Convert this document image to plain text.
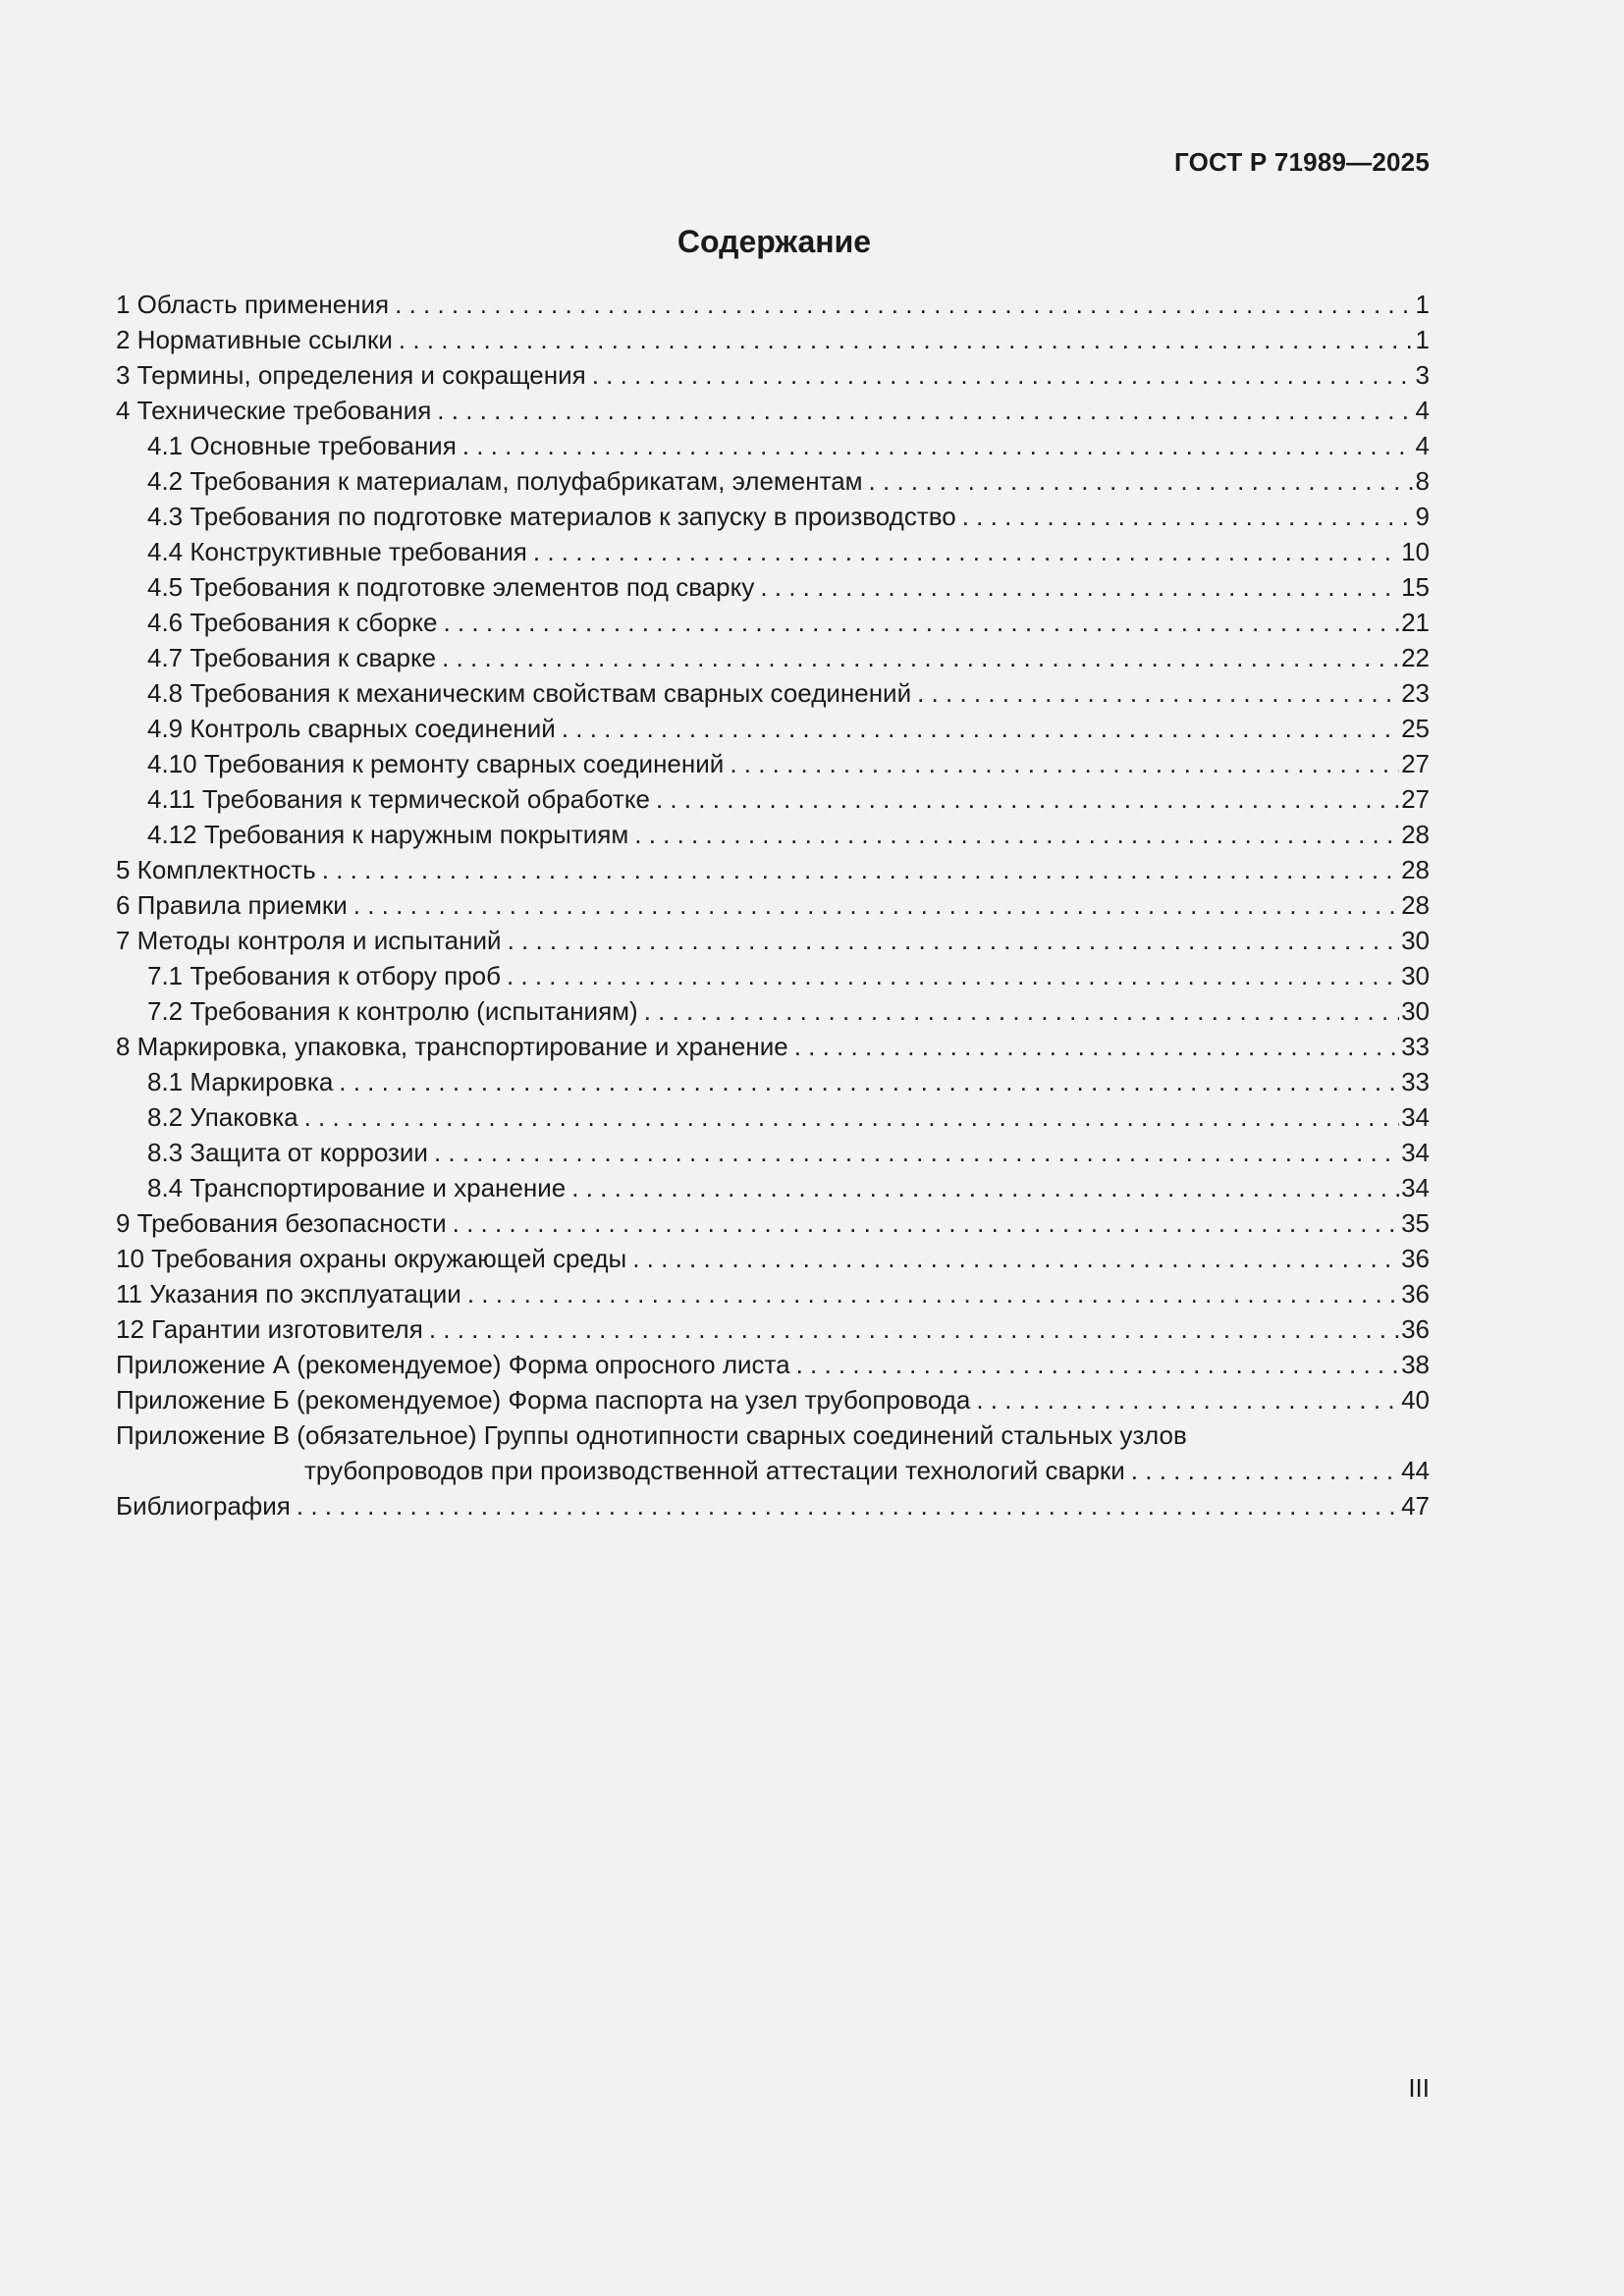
ГОСТ Р 71989—2025
Содержание
1 Область применения . . .	1
2 Нормативные ссылки . . .	1
3 Термины, определения и сокращения . . .	3
4 Технические требования . . .	4
4.1 Основные требования . . .	4
4.2 Требования к материалам, полуфабрикатам, элементам . . .	8
4.3 Требования по подготовке материалов к запуску в производство . . .	9
4.4 Конструктивные требования . . .	10
4.5 Требования к подготовке элементов под сварку . . .	15
4.6 Требования к сборке . . .	21
4.7 Требования к сварке . . .	22
4.8 Требования к механическим свойствам сварных соединений . . .	23
4.9 Контроль сварных соединений . . .	25
4.10 Требования к ремонту сварных соединений . . .	27
4.11 Требования к термической обработке . . .	27
4.12 Требования к наружным покрытиям . . .	28
5 Комплектность . . .	28
6 Правила приемки . . .	28
7 Методы контроля и испытаний . . .	30
7.1 Требования к отбору проб . . .	30
7.2 Требования к контролю (испытаниям) . . .	30
8 Маркировка, упаковка, транспортирование и хранение . . .	33
8.1 Маркировка . . .	33
8.2 Упаковка . . .	34
8.3 Защита от коррозии . . .	34
8.4 Транспортирование и хранение . . .	34
9 Требования безопасности . . .	35
10 Требования охраны окружающей среды . . .	36
11 Указания по эксплуатации . . .	36
12 Гарантии изготовителя . . .	36
Приложение А (рекомендуемое) Форма опросного листа . . .	38
Приложение Б (рекомендуемое) Форма паспорта на узел трубопровода . . .	40
Приложение В (обязательное) Группы однотипности сварных соединений стальных узлов
трубопроводов при производственной аттестации технологий сварки . . .	44
Библиография . . .	47
III
